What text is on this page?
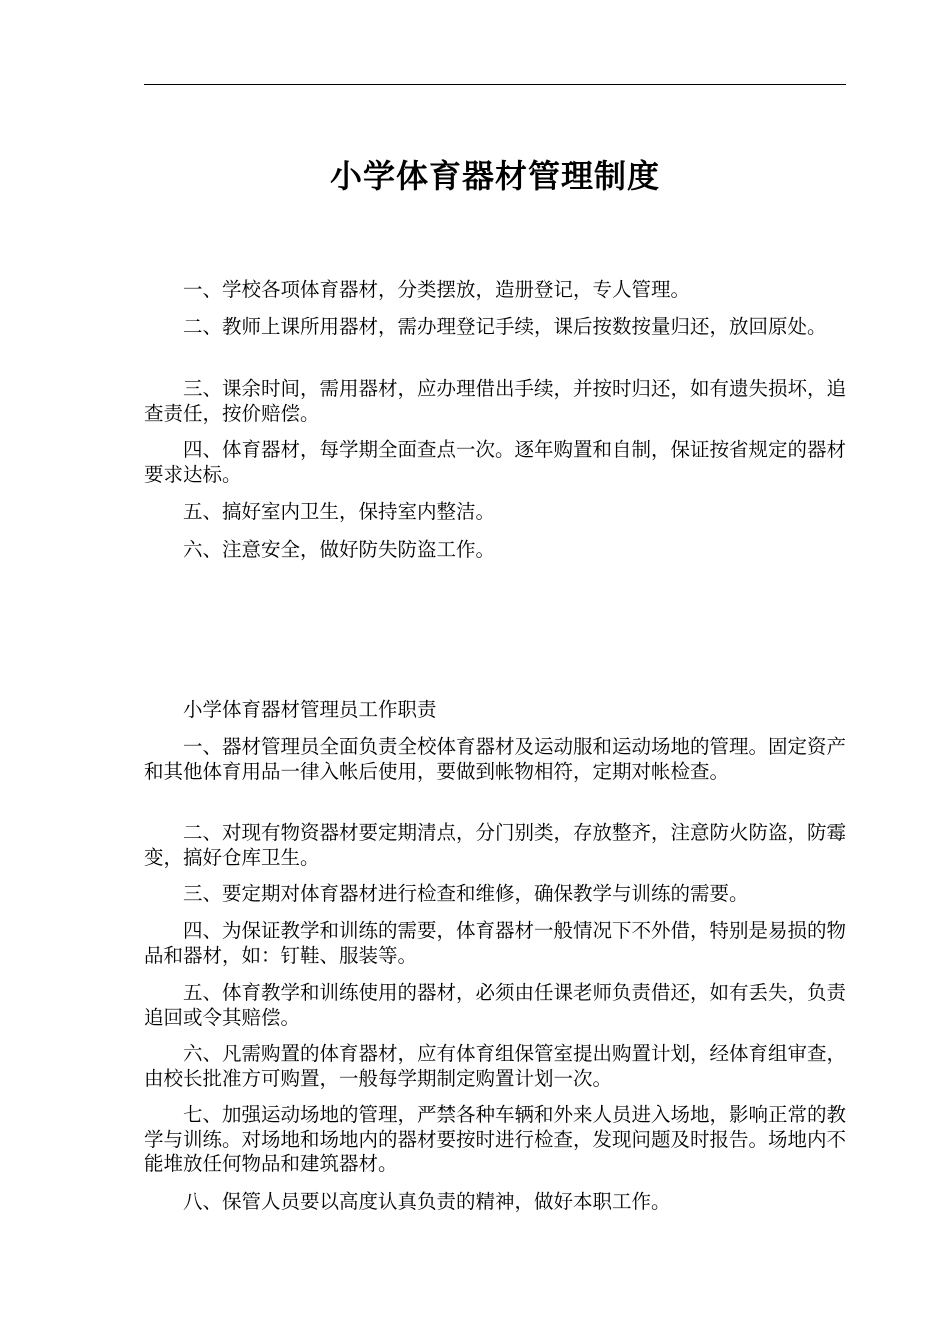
小学体育器材管理制度

一、学校各项体育器材，分类摆放，造册登记，专人管理。

二、教师上课所用器材，需办理登记手续，课后按数按量归还，放回原处。

三、课余时间，需用器材，应办理借出手续，并按时归还，如有遗失损坏，追查责任，按价赔偿。

四、体育器材，每学期全面查点一次。逐年购置和自制，保证按省规定的器材要求达标。

五、搞好室内卫生，保持室内整洁。

六、注意安全，做好防失防盗工作。

小学体育器材管理员工作职责

一、器材管理员全面负责全校体育器材及运动服和运动场地的管理。固定资产和其他体育用品一律入帐后使用，要做到帐物相符，定期对帐检查。

二、对现有物资器材要定期清点，分门别类，存放整齐，注意防火防盗，防霉变，搞好仓库卫生。

三、要定期对体育器材进行检查和维修，确保教学与训练的需要。

四、为保证教学和训练的需要，体育器材一般情况下不外借，特别是易损的物品和器材，如：钉鞋、服装等。

五、体育教学和训练使用的器材，必须由任课老师负责借还，如有丢失，负责追回或令其赔偿。

六、凡需购置的体育器材，应有体育组保管室提出购置计划，经体育组审查，由校长批准方可购置，一般每学期制定购置计划一次。

七、加强运动场地的管理，严禁各种车辆和外来人员进入场地，影响正常的教学与训练。对场地和场地内的器材要按时进行检查，发现问题及时报告。场地内不能堆放任何物品和建筑器材。

八、保管人员要以高度认真负责的精神，做好本职工作。
